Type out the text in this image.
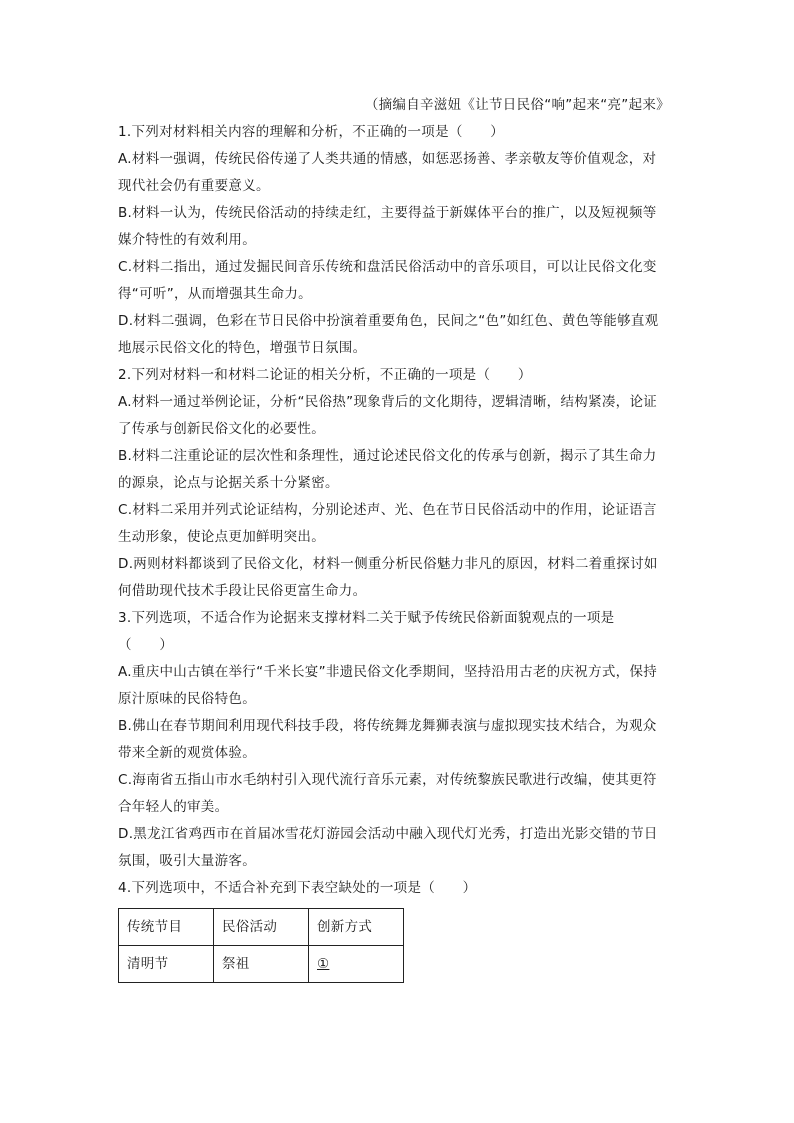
（摘编自辛滋妞《让节日民俗“响”起来“亮”起来》

1.下列对材料相关内容的理解和分析，不正确的一项是（　　）

A.材料一强调，传统民俗传递了人类共通的情感，如惩恶扬善、孝亲敬友等价值观念，对现代社会仍有重要意义。

B.材料一认为，传统民俗活动的持续走红，主要得益于新媒体平台的推广，以及短视频等媒介特性的有效利用。

C.材料二指出，通过发掘民间音乐传统和盘活民俗活动中的音乐项目，可以让民俗文化变得“可听”，从而增强其生命力。

D.材料二强调，色彩在节日民俗中扮演着重要角色，民间之“色”如红色、黄色等能够直观地展示民俗文化的特色，增强节日氛围。

2.下列对材料一和材料二论证的相关分析，不正确的一项是（　　）

A.材料一通过举例论证，分析“民俗热”现象背后的文化期待，逻辑清晰，结构紧凑，论证了传承与创新民俗文化的必要性。

B.材料二注重论证的层次性和条理性，通过论述民俗文化的传承与创新，揭示了其生命力的源泉，论点与论据关系十分紧密。

C.材料二采用并列式论证结构，分别论述声、光、色在节日民俗活动中的作用，论证语言生动形象，使论点更加鲜明突出。

D.两则材料都谈到了民俗文化，材料一侧重分析民俗魅力非凡的原因，材料二着重探讨如何借助现代技术手段让民俗更富生命力。

3.下列选项，不适合作为论据来支撑材料二关于赋予传统民俗新面貌观点的一项是

（　　）

A.重庆中山古镇在举行“千米长宴”非遗民俗文化季期间，坚持沿用古老的庆祝方式，保持原汁原味的民俗特色。

B.佛山在春节期间利用现代科技手段，将传统舞龙舞狮表演与虚拟现实技术结合，为观众带来全新的观赏体验。

C.海南省五指山市水毛纳村引入现代流行音乐元素，对传统黎族民歌进行改编，使其更符合年轻人的审美。

D.黑龙江省鸡西市在首届冰雪花灯游园会活动中融入现代灯光秀，打造出光影交错的节日氛围，吸引大量游客。

4.下列选项中，不适合补充到下表空缺处的一项是（　　）

传统节目	民俗活动	创新方式
清明节	祭祖	①
